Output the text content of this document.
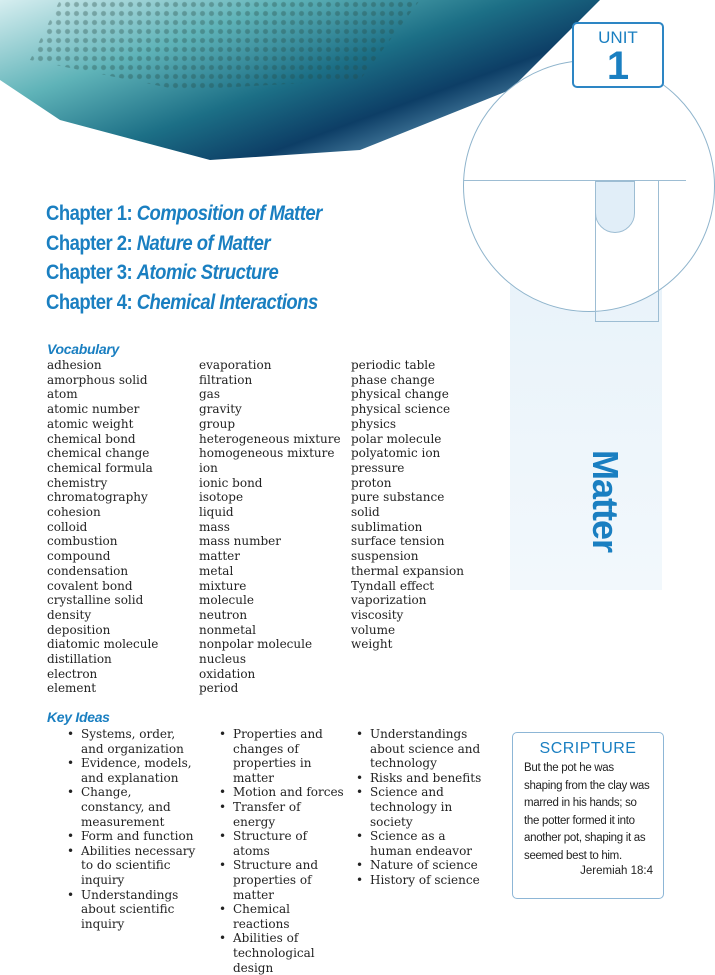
UNIT
1
Chapter 1: Composition of Matter
Chapter 2: Nature of Matter
Chapter 3: Atomic Structure
Chapter 4: Chemical Interactions
Vocabulary
adhesion
amorphous solid
atom
atomic number
atomic weight
chemical bond
chemical change
chemical formula
chemistry
chromatography
cohesion
colloid
combustion
compound
condensation
covalent bond
crystalline solid
density
deposition
diatomic molecule
distillation
electron
element
evaporation
filtration
gas
gravity
group
heterogeneous mixture
homogeneous mixture
ion
ionic bond
isotope
liquid
mass
mass number
matter
metal
mixture
molecule
neutron
nonmetal
nonpolar molecule
nucleus
oxidation
period
periodic table
phase change
physical change
physical science
physics
polar molecule
polyatomic ion
pressure
proton
pure substance
solid
sublimation
surface tension
suspension
thermal expansion
Tyndall effect
vaporization
viscosity
volume
weight
Key Ideas
• Systems, order, and organization
• Evidence, models, and explanation
• Change, constancy, and measurement
• Form and function
• Abilities necessary to do scientific inquiry
• Understandings about scientific inquiry
• Properties and changes of properties in matter
• Motion and forces
• Transfer of energy
• Structure of atoms
• Structure and properties of matter
• Chemical reactions
• Abilities of technological design
• Understandings about science and technology
• Risks and benefits
• Science and technology in society
• Science as a human endeavor
• Nature of science
• History of science
Matter
SCRIPTURE
But the pot he was shaping from the clay was marred in his hands; so the potter formed it into another pot, shaping it as seemed best to him.
Jeremiah 18:4
